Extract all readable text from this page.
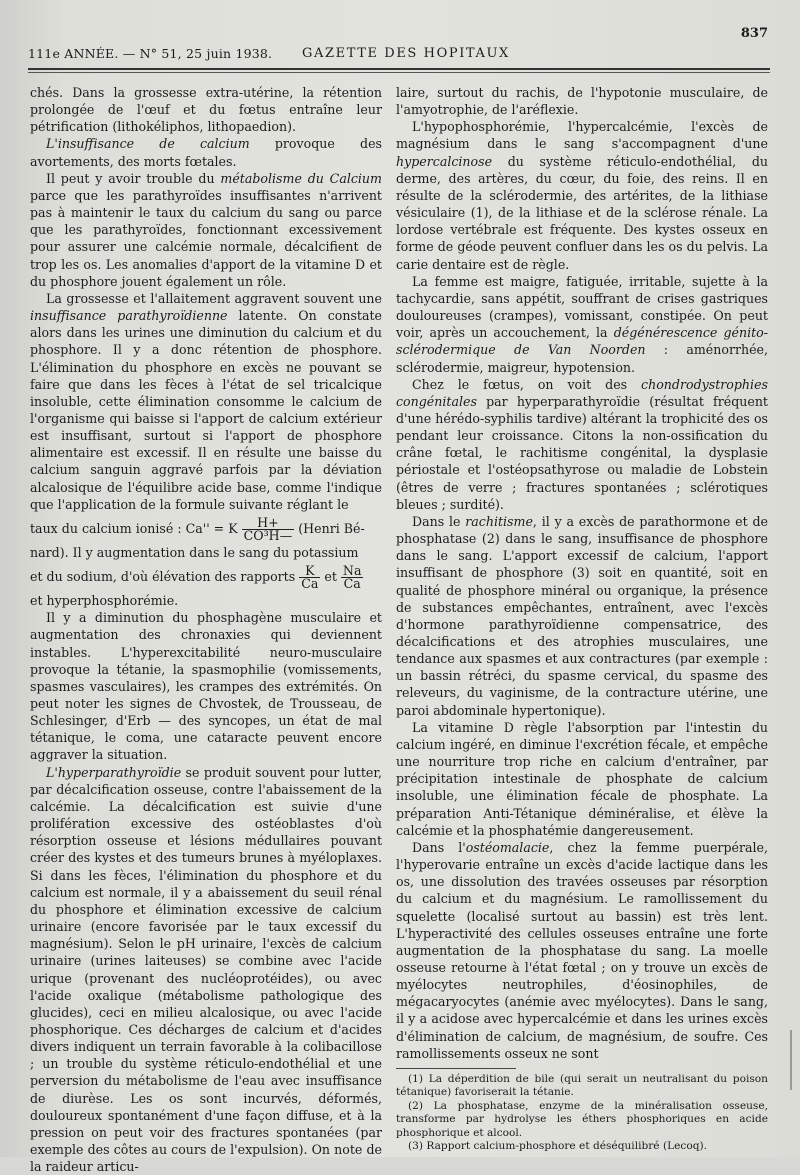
837
111e ANNÉE. — N° 51, 25 juin 1938. GAZETTE DES HOPITAUX

chés. Dans la grossesse extra-utérine, la rétention prolongée de l'œuf et du fœtus entraîne leur pétrification (lithokéliphos, lithopaedion).

L'insuffisance de calcium provoque des avortements, des morts fœtales.

Il peut y avoir trouble du métabolisme du Calcium parce que les parathyroïdes insuffisantes n'arrivent pas à maintenir le taux du calcium du sang ou parce que les parathyroïdes, fonctionnant excessivement pour assurer une calcémie normale, décalcifient de trop les os. Les anomalies d'apport de la vitamine D et du phosphore jouent également un rôle.

La grossesse et l'allaitement aggravent souvent une insuffisance parathyroïdienne latente. On constate alors dans les urines une diminution du calcium et du phosphore. Il y a donc rétention de phosphore. L'élimination du phosphore en excès ne pouvant se faire que dans les fèces à l'état de sel tricalcique insoluble, cette élimination consomme le calcium de l'organisme qui baisse si l'apport de calcium extérieur est insuffisant, surtout si l'apport de phosphore alimentaire est excessif. Il en résulte une baisse du calcium sanguin aggravé parfois par la déviation alcalosique de l'équilibre acide base, comme l'indique que l'application de la formule suivante réglant le

taux du calcium ionisé : Ca'' = K $\frac{H+}{\text{CO³H—}}$ (Henri Bé-

nard). Il y augmentation dans le sang du potassium

et du sodium, d'où élévation des rapports $\frac{K}{Ca}$ et $\frac{Na}{Ca}$

et hyperphosphorémie.

Il y a diminution du phosphagène musculaire et augmentation des chronaxies qui deviennent instables. L'hyperexcitabilité neuro-musculaire provoque la tétanie, la spasmophilie (vomissements, spasmes vasculaires), les crampes des extrémités. On peut noter les signes de Chvostek, de Trousseau, de Schlesinger, d'Erb — des syncopes, un état de mal tétanique, le coma, une cataracte peuvent encore aggraver la situation.

L'hyperparathyroïdie se produit souvent pour lutter, par décalcification osseuse, contre l'abaissement de la calcémie. La décalcification est suivie d'une prolifération excessive des ostéoblastes d'où résorption osseuse et lésions médullaires pouvant créer des kystes et des tumeurs brunes à myéloplaxes. Si dans les fèces, l'élimination du phosphore et du calcium est normale, il y a abaissement du seuil rénal du phosphore et élimination excessive de calcium urinaire (encore favorisée par le taux excessif du magnésium). Selon le pH urinaire, l'excès de calcium urinaire (urines laiteuses) se combine avec l'acide urique (provenant des nucléoprotéides), ou avec l'acide oxalique (métabolisme pathologique des glucides), ceci en milieu alcalosique, ou avec l'acide phosphorique. Ces décharges de calcium et d'acides divers indiquent un terrain favorable à la colibacillose ; un trouble du système réticulo-endothélial et une perversion du métabolisme de l'eau avec insuffisance de diurèse. Les os sont incurvés, déformés, douloureux spontanément d'une façon diffuse, et à la pression on peut voir des fractures spontanées (par exemple des côtes au cours de l'expulsion). On note de la raideur articu-

laire, surtout du rachis, de l'hypotonie musculaire, de l'amyotrophie, de l'aréflexie.

L'hypophosphorémie, l'hypercalcémie, l'excès de magnésium dans le sang s'accompagnent d'une hypercalcinose du système réticulo-endothélial, du derme, des artères, du cœur, du foie, des reins. Il en résulte de la sclérodermie, des artérites, de la lithiase vésiculaire (1), de la lithiase et de la sclérose rénale. La lordose vertébrale est fréquente. Des kystes osseux en forme de géode peuvent confluer dans les os du pelvis. La carie dentaire est de règle.

La femme est maigre, fatiguée, irritable, sujette à la tachycardie, sans appétit, souffrant de crises gastriques douloureuses (crampes), vomissant, constipée. On peut voir, après un accouchement, la dégénérescence génito-sclérodermique de Van Noorden : aménorrhée, sclérodermie, maigreur, hypotension.

Chez le fœtus, on voit des chondrodystrophies congénitales par hyperparathyroïdie (résultat fréquent d'une hérédo-syphilis tardive) altérant la trophicité des os pendant leur croissance. Citons la non-ossification du crâne fœtal, le rachitisme congénital, la dysplasie périostale et l'ostéopsathyrose ou maladie de Lobstein (êtres de verre ; fractures spontanées ; sclérotiques bleues ; surdité).

Dans le rachitisme, il y a excès de parathormone et de phosphatase (2) dans le sang, insuffisance de phosphore dans le sang. L'apport excessif de calcium, l'apport insuffisant de phosphore (3) soit en quantité, soit en qualité de phosphore minéral ou organique, la présence de substances empêchantes, entraînent, avec l'excès d'hormone parathyroïdienne compensatrice, des décalcifications et des atrophies musculaires, une tendance aux spasmes et aux contractures (par exemple : un bassin rétréci, du spasme cervical, du spasme des releveurs, du vaginisme, de la contracture utérine, une paroi abdominale hypertonique).

La vitamine D règle l'absorption par l'intestin du calcium ingéré, en diminue l'excrétion fécale, et empêche une nourriture trop riche en calcium d'entraîner, par précipitation intestinale de phosphate de calcium insoluble, une élimination fécale de phosphate. La préparation Anti-Tétanique déminéralise, et élève la calcémie et la phosphatémie dangereusement.

Dans l'ostéomalacie, chez la femme puerpérale, l'hyperovarie entraîne un excès d'acide lactique dans les os, une dissolution des travées osseuses par résorption du calcium et du magnésium. Le ramollissement du squelette (localisé surtout au bassin) est très lent. L'hyperactivité des cellules osseuses entraîne une forte augmentation de la phosphatase du sang. La moelle osseuse retourne à l'état fœtal ; on y trouve un excès de myélocytes neutrophiles, d'éosinophiles, de mégacaryocytes (anémie avec myélocytes). Dans le sang, il y a acidose avec hypercalcémie et dans les urines excès d'élimination de calcium, de magnésium, de soufre. Ces ramollissements osseux ne sont

(1) La déperdition de bile (qui serait un neutralisant du poison tétanique) favoriserait la tétanie.

(2) La phosphatase, enzyme de la minéralisation osseuse, transforme par hydrolyse les éthers phosphoriques en acide phosphorique et alcool.

(3) Rapport calcium-phosphore et déséquilibré (Lecoq).
